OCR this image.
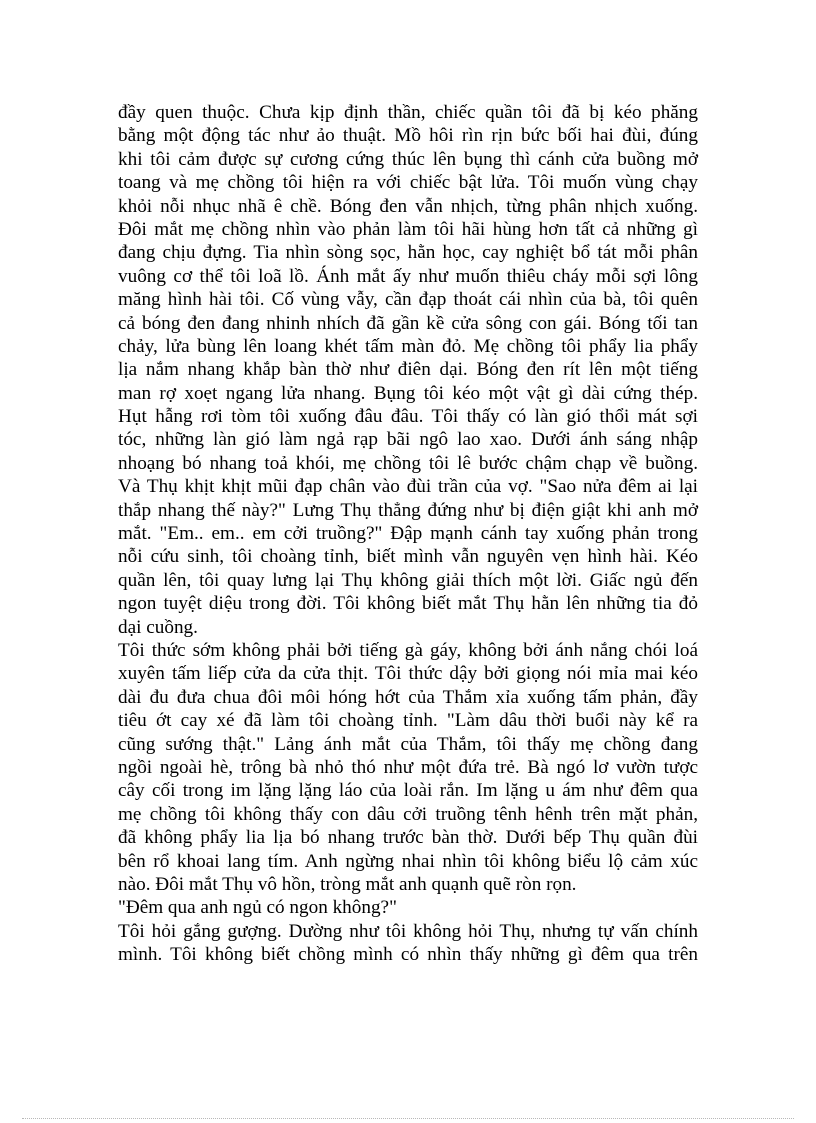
đầy quen thuộc. Chưa kịp định thần, chiếc quần tôi đã bị kéo phăng
bằng một động tác như ảo thuật. Mồ hôi rìn rịn bức bối hai đùi, đúng
khi tôi cảm được sự cương cứng thúc lên bụng thì cánh cửa buồng mở
toang và mẹ chồng tôi hiện ra với chiếc bật lửa. Tôi muốn vùng chạy
khỏi nỗi nhục nhã ê chề. Bóng đen vẫn nhịch, từng phân nhịch xuống.
Đôi mắt mẹ chồng nhìn vào phản làm tôi hãi hùng hơn tất cả những gì
đang chịu đựng. Tia nhìn sòng sọc, hằn học, cay nghiệt bổ tát mỗi phân
vuông cơ thể tôi loã lồ. Ánh mắt ấy như muốn thiêu cháy mỗi sợi lông
măng hình hài tôi. Cố vùng vẫy, cần đạp thoát cái nhìn của bà, tôi quên
cả bóng đen đang nhinh nhích đã gần kề cửa sông con gái. Bóng tối tan
chảy, lửa bùng lên loang khét tấm màn đỏ. Mẹ chồng tôi phẩy lia phẩy
lịa nắm nhang khắp bàn thờ như điên dại. Bóng đen rít lên một tiếng
man rợ xoẹt ngang lửa nhang. Bụng tôi kéo một vật gì dài cứng thép.
Hụt hẫng rơi tòm tôi xuống đâu đâu. Tôi thấy có làn gió thổi mát sợi
tóc, những làn gió làm ngả rạp bãi ngô lao xao. Dưới ánh sáng nhập
nhoạng bó nhang toả khói, mẹ chồng tôi lê bước chậm chạp về buồng.
Và Thụ khịt khịt mũi đạp chân vào đùi trần của vợ. "Sao nửa đêm ai lại
thắp nhang thế này?" Lưng Thụ thẳng đứng như bị điện giật khi anh mở
mắt. "Em.. em.. em cởi truồng?" Đập mạnh cánh tay xuống phản trong
nỗi cứu sinh, tôi choàng tỉnh, biết mình vẫn nguyên vẹn hình hài. Kéo
quần lên, tôi quay lưng lại Thụ không giải thích một lời. Giấc ngủ đến
ngon tuyệt diệu trong đời. Tôi không biết mắt Thụ hằn lên những tia đỏ
dại cuồng.
Tôi thức sớm không phải bởi tiếng gà gáy, không bởi ánh nắng chói loá
xuyên tấm liếp cửa da cửa thịt. Tôi thức dậy bởi giọng nói mỉa mai kéo
dài đu đưa chua đôi môi hóng hớt của Thắm xỉa xuống tấm phản, đầy
tiêu ớt cay xé đã làm tôi choàng tỉnh. "Làm dâu thời buổi này kể ra
cũng sướng thật." Lảng ánh mắt của Thắm, tôi thấy mẹ chồng đang
ngồi ngoài hè, trông bà nhỏ thó như một đứa trẻ. Bà ngó lơ vườn tược
cây cối trong im lặng lặng láo của loài rắn. Im lặng u ám như đêm qua
mẹ chồng tôi không thấy con dâu cởi truồng tênh hênh trên mặt phản,
đã không phẩy lia lịa bó nhang trước bàn thờ. Dưới bếp Thụ quần đùi
bên rổ khoai lang tím. Anh ngừng nhai nhìn tôi không biểu lộ cảm xúc
nào. Đôi mắt Thụ vô hồn, tròng mắt anh quạnh quẽ ròn rọn.
"Đêm qua anh ngủ có ngon không?"
Tôi hỏi gắng gượng. Dường như tôi không hỏi Thụ, nhưng tự vấn chính
mình. Tôi không biết chồng mình có nhìn thấy những gì đêm qua trên
